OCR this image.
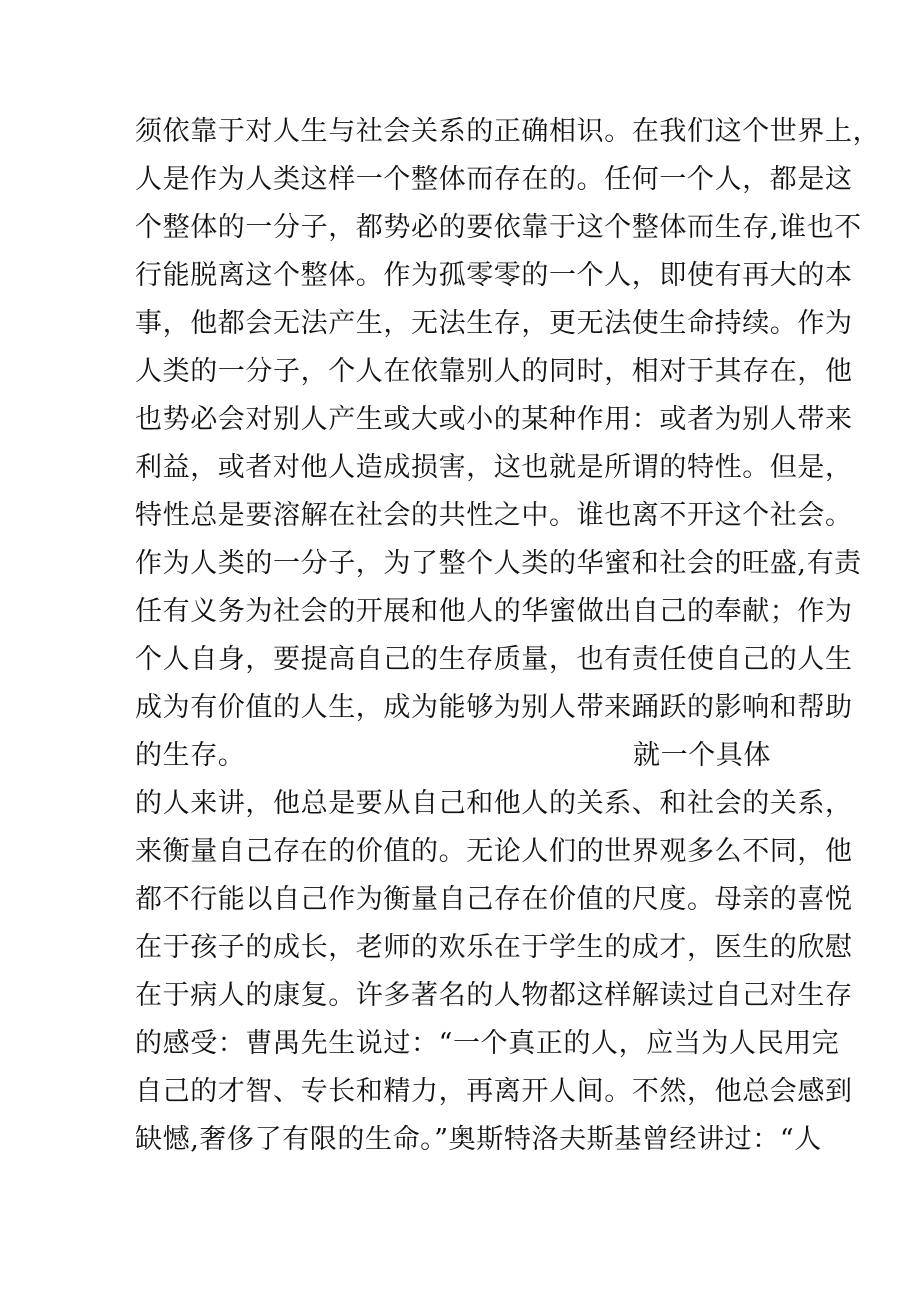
须依靠于对人生与社会关系的正确相识。在我们这个世界上，
人是作为人类这样一个整体而存在的。任何一个人，都是这
个整体的一分子，都势必的要依靠于这个整体而生存,谁也不
行能脱离这个整体。作为孤零零的一个人，即使有再大的本
事，他都会无法产生，无法生存，更无法使生命持续。作为
人类的一分子，个人在依靠别人的同时，相对于其存在，他
也势必会对别人产生或大或小的某种作用：或者为别人带来
利益，或者对他人造成损害，这也就是所谓的特性。但是，
特性总是要溶解在社会的共性之中。谁也离不开这个社会。
作为人类的一分子，为了整个人类的华蜜和社会的旺盛,有责
任有义务为社会的开展和他人的华蜜做出自己的奉献；作为
个人自身，要提高自己的生存质量，也有责任使自己的人生
成为有价值的人生，成为能够为别人带来踊跃的影响和帮助
的生存。	就一个具体
的人来讲，他总是要从自己和他人的关系、和社会的关系，
来衡量自己存在的价值的。无论人们的世界观多么不同，他
都不行能以自己作为衡量自己存在价值的尺度。母亲的喜悦
在于孩子的成长，老师的欢乐在于学生的成才，医生的欣慰
在于病人的康复。许多著名的人物都这样解读过自己对生存
的感受：曹禺先生说过：“一个真正的人，应当为人民用完
自己的才智、专长和精力，再离开人间。不然，他总会感到
缺憾,奢侈了有限的生命。”奥斯特洛夫斯基曾经讲过：“人
